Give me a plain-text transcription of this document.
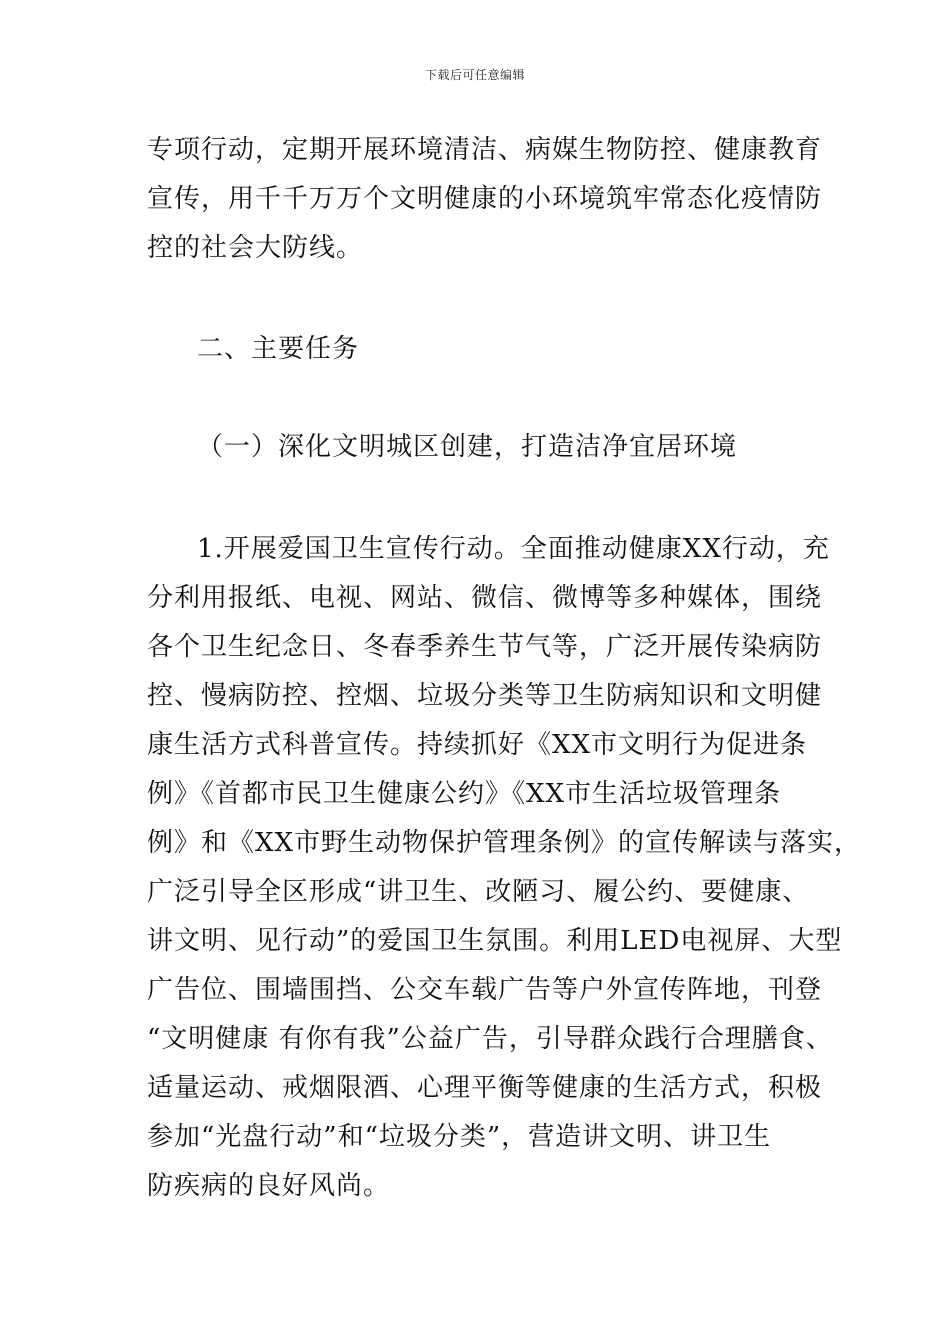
下载后可任意编辑
专项行动，定期开展环境清洁、病媒生物防控、健康教育
宣传，用千千万万个文明健康的小环境筑牢常态化疫情防
控的社会大防线。
二、主要任务
（一）深化文明城区创建，打造洁净宜居环境
1.开展爱国卫生宣传行动。全面推动健康XX行动，充
分利用报纸、电视、网站、微信、微博等多种媒体，围绕
各个卫生纪念日、冬春季养生节气等，广泛开展传染病防
控、慢病防控、控烟、垃圾分类等卫生防病知识和文明健
康生活方式科普宣传。持续抓好《XX市文明行为促进条
例》《首都市民卫生健康公约》《XX市生活垃圾管理条
例》和《XX市野生动物保护管理条例》的宣传解读与落实，
广泛引导全区形成“讲卫生、改陋习、履公约、要健康、
讲文明、见行动”的爱国卫生氛围。利用LED电视屏、大型
广告位、围墙围挡、公交车载广告等户外宣传阵地，刊登
“文明健康 有你有我”公益广告，引导群众践行合理膳食、
适量运动、戒烟限酒、心理平衡等健康的生活方式，积极
参加“光盘行动”和“垃圾分类”，营造讲文明、讲卫生
防疾病的良好风尚。
